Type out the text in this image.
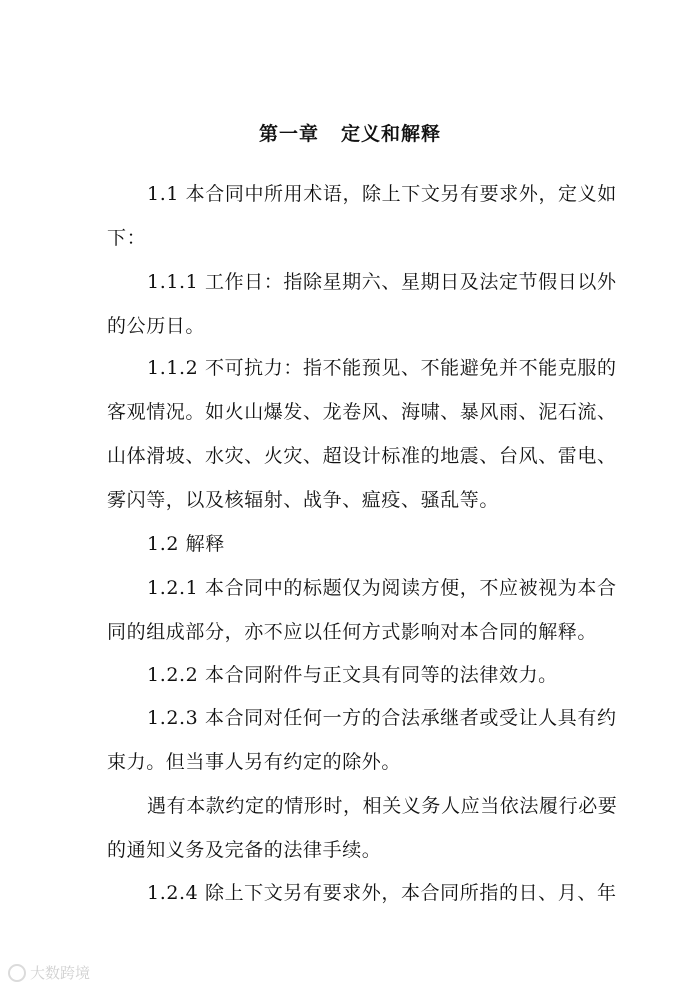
第一章 定义和解释
1.1 本合同中所用术语，除上下文另有要求外，定义如
下：
1.1.1 工作日：指除星期六、星期日及法定节假日以外
的公历日。
1.1.2 不可抗力：指不能预见、不能避免并不能克服的
客观情况。如火山爆发、龙卷风、海啸、暴风雨、泥石流、
山体滑坡、水灾、火灾、超设计标准的地震、台风、雷电、
雾闪等，以及核辐射、战争、瘟疫、骚乱等。
1.2 解释
1.2.1 本合同中的标题仅为阅读方便，不应被视为本合
同的组成部分，亦不应以任何方式影响对本合同的解释。
1.2.2 本合同附件与正文具有同等的法律效力。
1.2.3 本合同对任何一方的合法承继者或受让人具有约
束力。但当事人另有约定的除外。
遇有本款约定的情形时，相关义务人应当依法履行必要
的通知义务及完备的法律手续。
1.2.4 除上下文另有要求外，本合同所指的日、月、年
大数跨境
